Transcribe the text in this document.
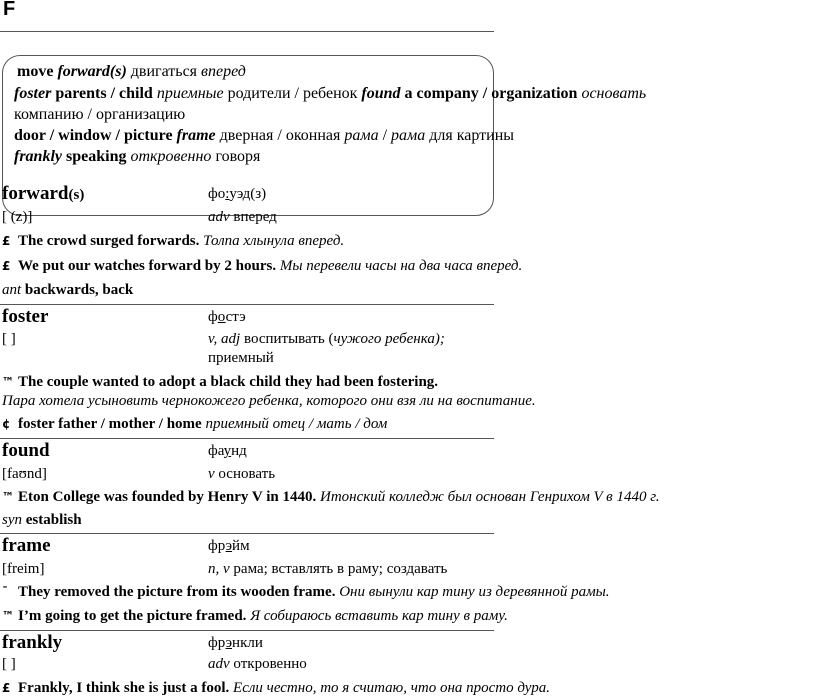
F
move forward(s) двигаться вперед
foster parents / child приемные родители / ребенок found a company / organization основать
компанию / организацию
door / window / picture frame дверная / оконная рама / рама для картины
frankly speaking откровенно говоря
forward(s)	фо:уэд(з)
[ (z)]	adv вперед
£ The crowd surged forwards. Толпа хлынула вперед.
£ We put our watches forward by 2 hours. Мы перевели часы на два часа вперед.
ant backwards, back
foster	фостэ
[ ]	v, adj воспитывать (чужого ребенка);
приемный
™ The couple wanted to adopt a black child they had been fostering.
Пара хотела усыновить чернокожего ребенка, которого они взя ли на воспитание.
¢ foster father / mother / home приемный отец / мать / дом
found	фаунд
[faʊnd]	v основать
™ Eton College was founded by Henry V in 1440. Итонский колледж был основан Генрихом V в 1440 г.
syn establish
frame	фрэйм
[freim]	n, v рама; вставлять в раму; создавать
ˉ They removed the picture from its wooden frame. Они вынули кар тину из деревянной рамы.
™ I’m going to get the picture framed. Я собираюсь вставить кар тину в раму.
frankly	фрэнкли
[ ]	adv откровенно
£ Frankly, I think she is just a fool. Если честно, то я считаю, что она просто дура.
